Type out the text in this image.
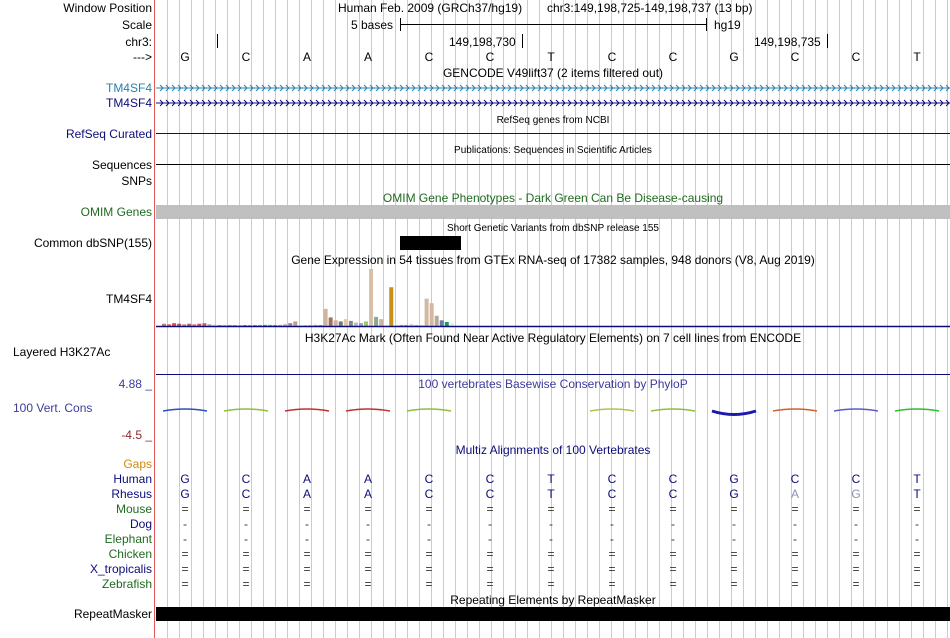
Window Position	Human Feb. 2009 (GRCh37/hg19) chr3:149,198,725-149,198,737 (13 bp)
Scale	5 bases	hg19
chr3:	149,198,730	149,198,735
--->
GENCODE V49lift37 (2 items filtered out)
TM4SF4
TM4SF4
RefSeq genes from NCBI
RefSeq Curated
Publications: Sequences in Scientific Articles
Sequences
SNPs
OMIM Gene Phenotypes - Dark Green Can Be Disease-causing
OMIM Genes
Short Genetic Variants from dbSNP release 155
Common dbSNP(155)
Gene Expression in 54 tissues from GTEx RNA-seq of 17382 samples, 948 donors (V8, Aug 2019)
TM4SF4
H3K27Ac Mark (Often Found Near Active Regulatory Elements) on 7 cell lines from ENCODE
Layered H3K27Ac
100 vertebrates Basewise Conservation by PhyloP
4.88 _
100 Vert. Cons
-4.5 _
Multiz Alignments of 100 Vertebrates
Gaps
Repeating Elements by RepeatMasker
RepeatMasker
G	C	A	A	C	C	T	C	C	G	C	C	T
Human G	C	A	A	C	C	T	C	C	G	C	C	T
Rhesus G	C	A	A	C	C	T	C	C	G	A	G	T
Mouse =	=	=	=	=	=	=	=	=	=	=	=	=
Dog	-	-	-	-	-	-	-	-	-	-	-	-	-
Elephant	-	-	-	-	-	-	-	-	-	-	-	-	-
Chicken =	=	=	=	=	=	=	=	=	=	=	=	=
X_tropicalis =	=	=	=	=	=	=	=	=	=	=	=	=
Zebrafish =	=	=	=	=	=	=	=	=	=	=	=	=
